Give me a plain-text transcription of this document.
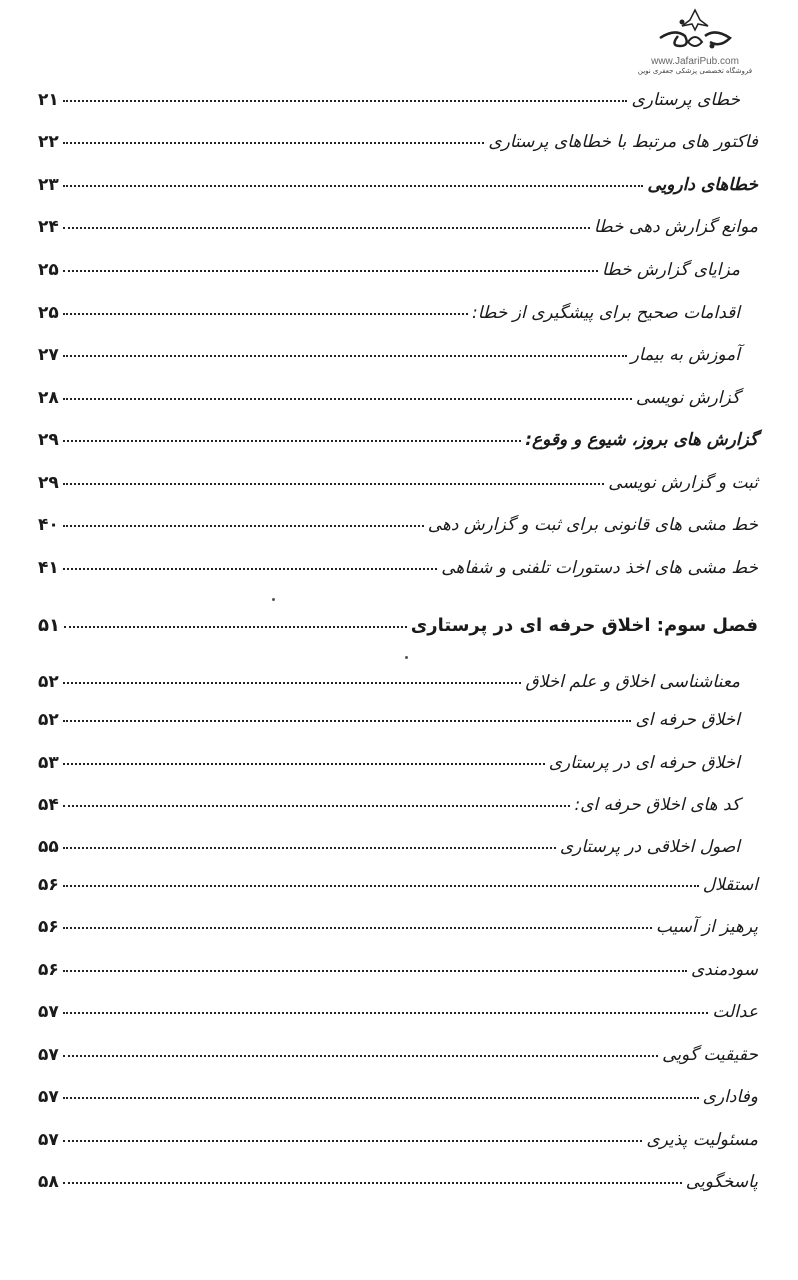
www.JafariPub.com
فروشگاه تخصصی پزشکی جعفری نوین
خطای پرستاری
۲۱
فاکتور های مرتبط با خطاهای پرستاری
۲۲
خطاهای دارویی
۲۳
موانع گزارش دهی خطا
۲۴
مزایای گزارش خطا
۲۵
اقدامات صحیح برای پیشگیری از خطا:
۲۵
آموزش به بیمار
۲۷
گزارش نویسی
۲۸
گزارش های بروز، شیوع و وقوع:
۲۹
ثبت و گزارش نویسی
۲۹
خط مشی های قانونی برای ثبت و گزارش دهی
۴۰
خط مشی های اخذ دستورات تلفنی و شفاهی
۴۱
فصل سوم: اخلاق حرفه ای در پرستاری
۵۱
معناشناسی اخلاق و علم اخلاق
۵۲
اخلاق حرفه ای
۵۲
اخلاق حرفه ای در پرستاری
۵۳
کد های اخلاق حرفه ای:
۵۴
اصول اخلاقی در پرستاری
۵۵
استقلال
۵۶
پرهیز از آسیب
۵۶
سودمندی
۵۶
عدالت
۵۷
حقیقیت گویی
۵۷
وفاداری
۵۷
مسئولیت پذیری
۵۷
پاسخگویی
۵۸
